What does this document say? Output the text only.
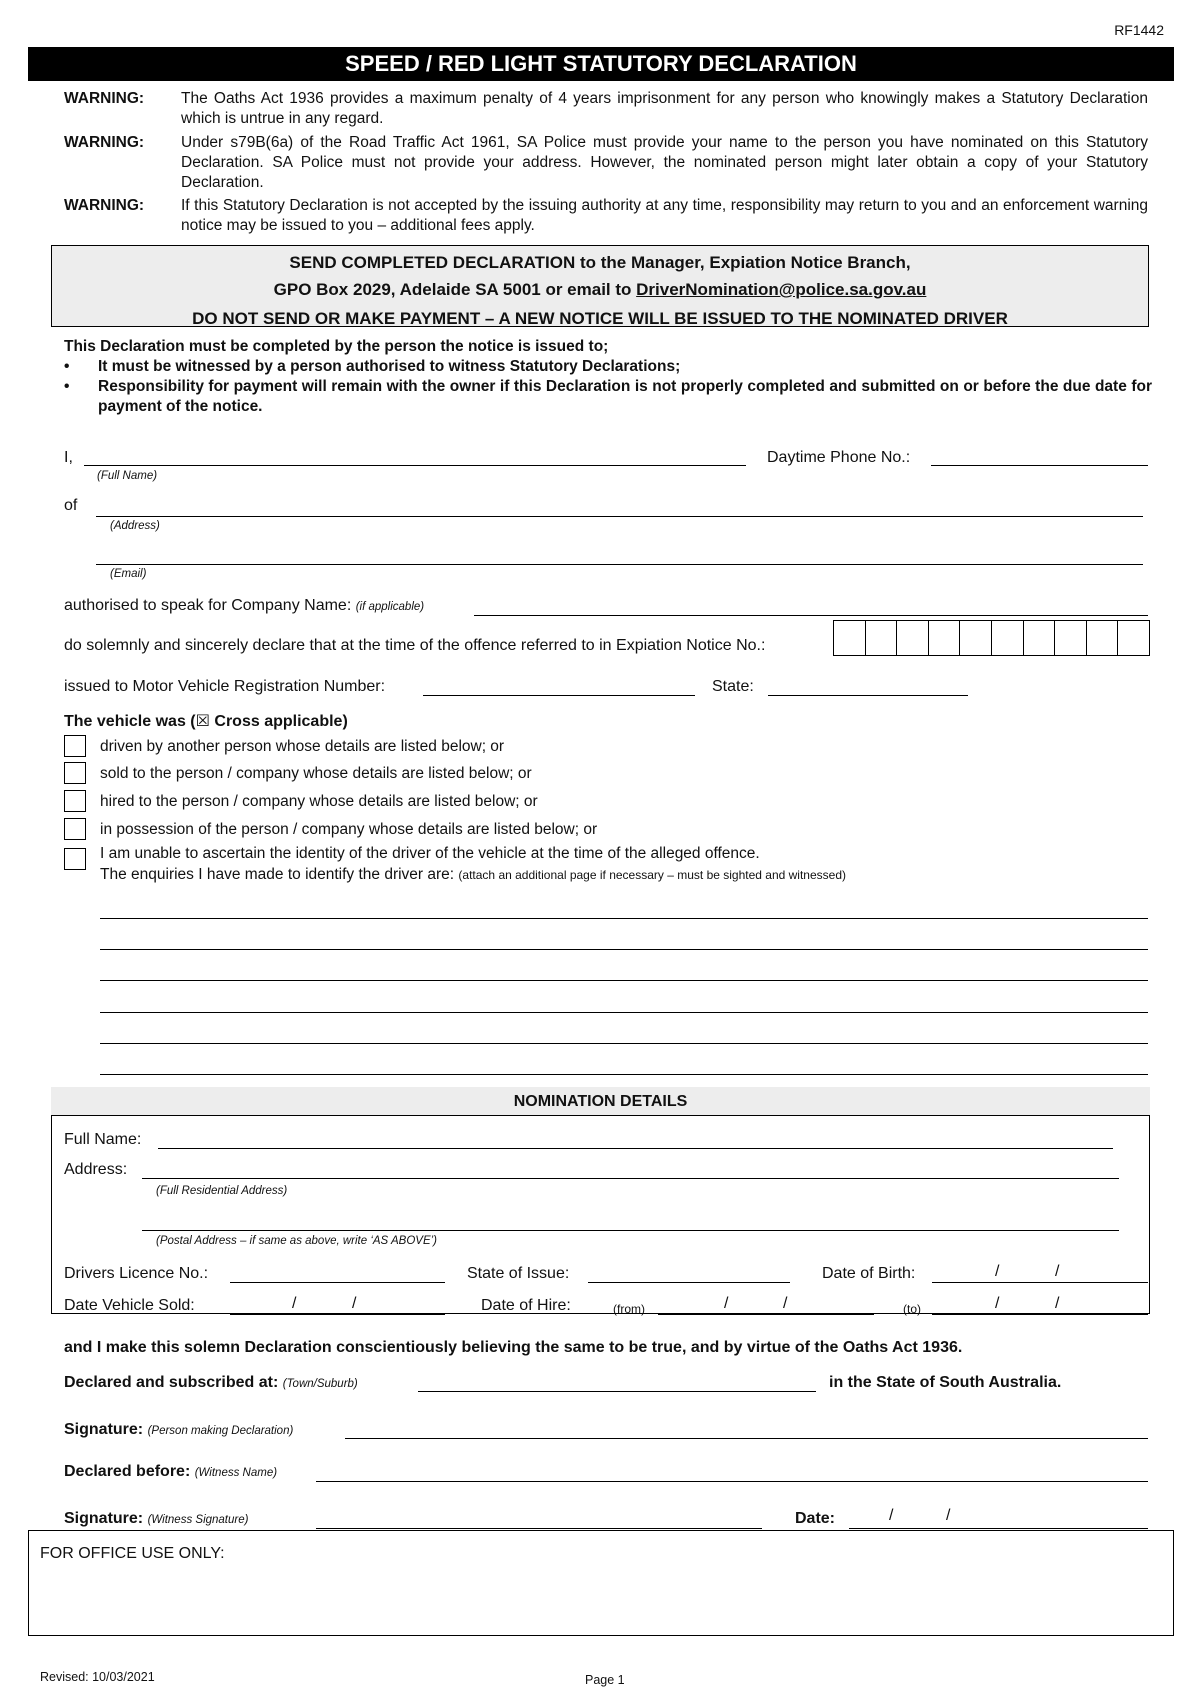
RF1442
SPEED / RED LIGHT STATUTORY DECLARATION
WARNING:	The Oaths Act 1936 provides a maximum penalty of 4 years imprisonment for any person who knowingly makes a Statutory Declaration which is untrue in any regard.
WARNING:	Under s79B(6a) of the Road Traffic Act 1961, SA Police must provide your name to the person you have nominated on this Statutory Declaration. SA Police must not provide your address. However, the nominated person might later obtain a copy of your Statutory Declaration.
WARNING:	If this Statutory Declaration is not accepted by the issuing authority at any time, responsibility may return to you and an enforcement warning notice may be issued to you – additional fees apply.
SEND COMPLETED DECLARATION to the Manager, Expiation Notice Branch,
GPO Box 2029, Adelaide SA 5001 or email to DriverNomination@police.sa.gov.au
DO NOT SEND OR MAKE PAYMENT – A NEW NOTICE WILL BE ISSUED TO THE NOMINATED DRIVER
This Declaration must be completed by the person the notice is issued to;
•	It must be witnessed by a person authorised to witness Statutory Declarations;
•	Responsibility for payment will remain with the owner if this Declaration is not properly completed and submitted on or before the due date for payment of the notice.
I,
(Full Name)
Daytime Phone No.:
of
(Address)
(Email)
authorised to speak for Company Name: (if applicable)
do solemnly and sincerely declare that at the time of the offence referred to in Expiation Notice No.:
issued to Motor Vehicle Registration Number:	State:
The vehicle was (☒ Cross applicable)
driven by another person whose details are listed below; or
sold to the person / company whose details are listed below; or
hired to the person / company whose details are listed below; or
in possession of the person / company whose details are listed below; or
I am unable to ascertain the identity of the driver of the vehicle at the time of the alleged offence.
The enquiries I have made to identify the driver are: (attach an additional page if necessary – must be sighted and witnessed)
NOMINATION DETAILS
Full Name:
Address:
(Full Residential Address)
(Postal Address – if same as above, write ‘AS ABOVE’)
Drivers Licence No.:	State of Issue:	Date of Birth:	/	/
Date Vehicle Sold:	/	/	Date of Hire:	(from)	/	/	(to)	/	/
and I make this solemn Declaration conscientiously believing the same to be true, and by virtue of the Oaths Act 1936.
Declared and subscribed at: (Town/Suburb)	in the State of South Australia.
Signature: (Person making Declaration)
Declared before: (Witness Name)
Signature: (Witness Signature)	Date:	/	/
FOR OFFICE USE ONLY:
Revised: 10/03/2021	Page 1
